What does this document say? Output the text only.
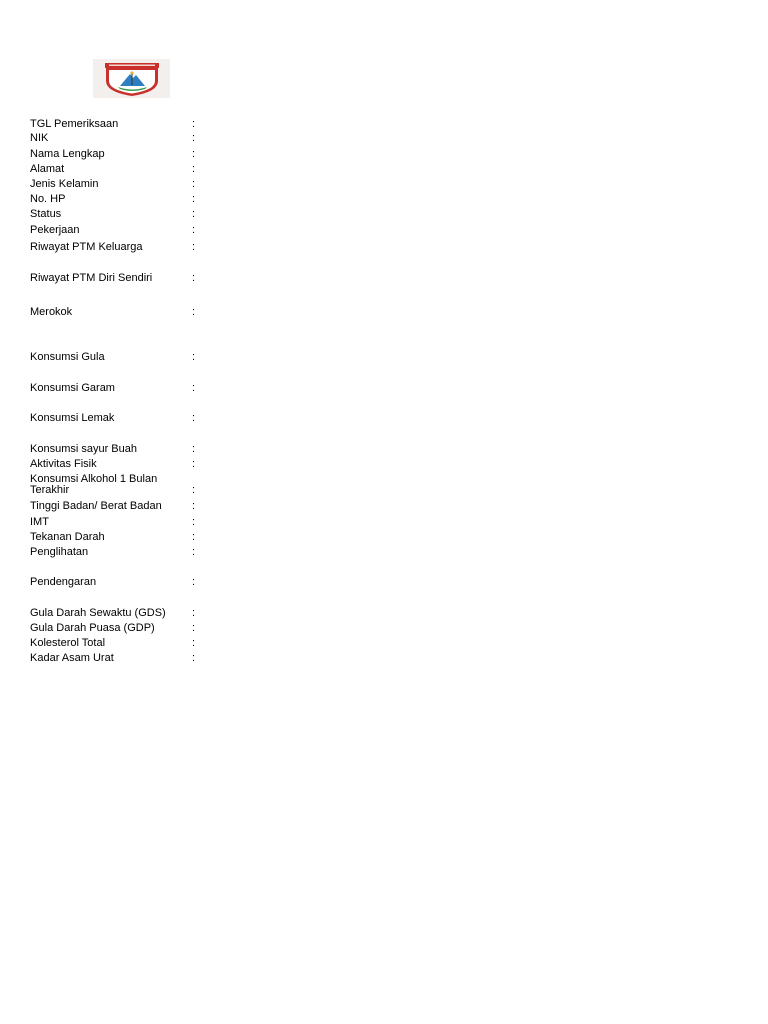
TGL Pemeriksaan	:
NIK	:
Nama Lengkap	:
Alamat	:
Jenis Kelamin	:
No. HP	:
Status	:
Pekerjaan	:
Riwayat PTM Keluarga	:
Riwayat PTM Diri Sendiri	:
Merokok	:
Konsumsi Gula	:
Konsumsi Garam	:
Konsumsi Lemak	:
Konsumsi sayur Buah	:
Aktivitas Fisik	:
Konsumsi Alkohol 1 Bulan Terakhir	:
Tinggi Badan/ Berat Badan	:
IMT	:
Tekanan Darah	:
Penglihatan	:
Pendengaran	:
Gula Darah Sewaktu (GDS)	:
Gula Darah Puasa (GDP)	:
Kolesterol Total	:
Kadar Asam Urat	:
